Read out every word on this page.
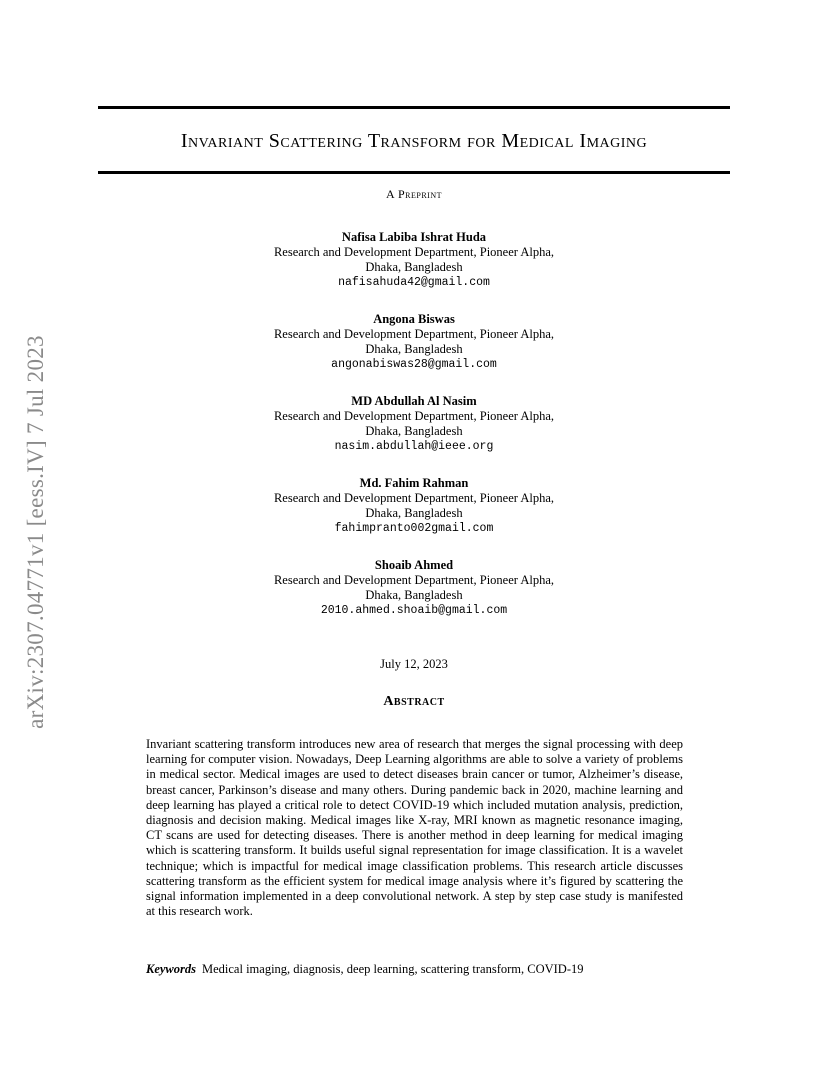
arXiv:2307.04771v1 [eess.IV] 7 Jul 2023
Invariant Scattering Transform for Medical Imaging
A Preprint
Nafisa Labiba Ishrat Huda
Research and Development Department, Pioneer Alpha,
Dhaka, Bangladesh
nafisahuda42@gmail.com
Angona Biswas
Research and Development Department, Pioneer Alpha,
Dhaka, Bangladesh
angonabiswas28@gmail.com
MD Abdullah Al Nasim
Research and Development Department, Pioneer Alpha,
Dhaka, Bangladesh
nasim.abdullah@ieee.org
Md. Fahim Rahman
Research and Development Department, Pioneer Alpha,
Dhaka, Bangladesh
fahimpranto002gmail.com
Shoaib Ahmed
Research and Development Department, Pioneer Alpha,
Dhaka, Bangladesh
2010.ahmed.shoaib@gmail.com
July 12, 2023
Abstract
Invariant scattering transform introduces new area of research that merges the signal processing with deep learning for computer vision. Nowadays, Deep Learning algorithms are able to solve a variety of problems in medical sector. Medical images are used to detect diseases brain cancer or tumor, Alzheimer’s disease, breast cancer, Parkinson’s disease and many others. During pandemic back in 2020, machine learning and deep learning has played a critical role to detect COVID-19 which included mutation analysis, prediction, diagnosis and decision making. Medical images like X-ray, MRI known as magnetic resonance imaging, CT scans are used for detecting diseases. There is another method in deep learning for medical imaging which is scattering transform. It builds useful signal representation for image classification. It is a wavelet technique; which is impactful for medical image classification problems. This research article discusses scattering transform as the efficient system for medical image analysis where it’s figured by scattering the signal information implemented in a deep convolutional network. A step by step case study is manifested at this research work.
Keywords Medical imaging, diagnosis, deep learning, scattering transform, COVID-19
